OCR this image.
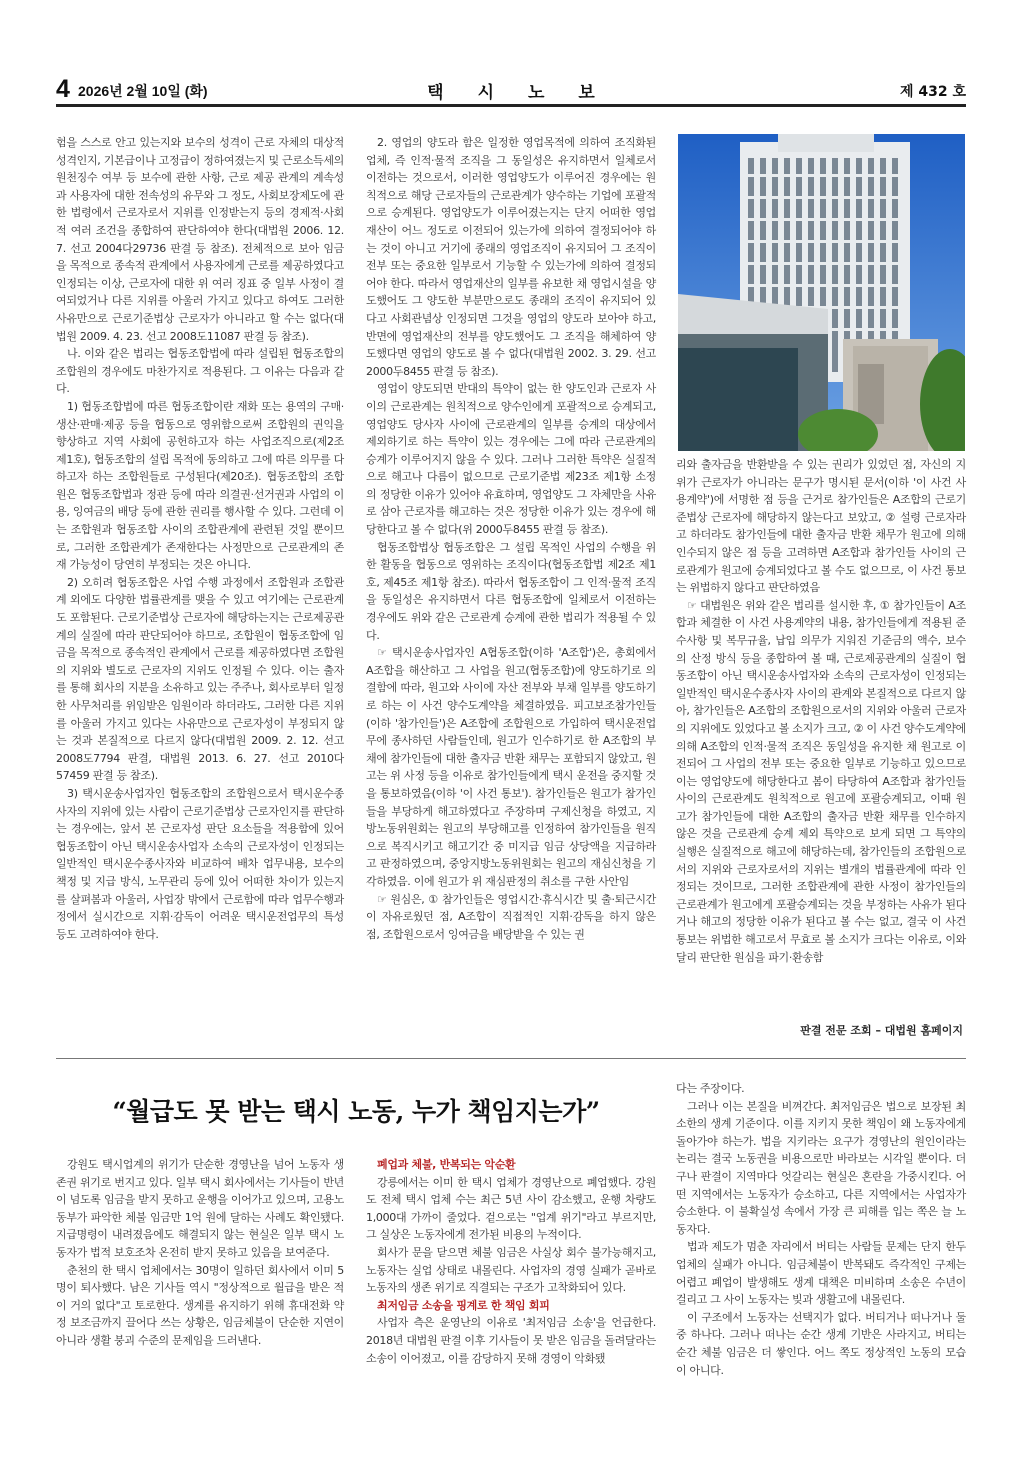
4 2026년 2월 10일 (화)	택시노보	제 432 호

험을 스스로 안고 있는지와 보수의 성격이 근로 자체의 대상적 성격인지, 기본급이나 고정급이 정하여졌는지 및 근로소득세의 원천징수 여부 등 보수에 관한 사항, 근로 제공 관계의 계속성과 사용자에 대한 전속성의 유무와 그 정도, 사회보장제도에 관한 법령에서 근로자로서 지위를 인정받는지 등의 경제적·사회적 여러 조건을 종합하여 판단하여야 한다(대법원 2006. 12. 7. 선고 2004다29736 판결 등 참조). 전체적으로 보아 임금을 목적으로 종속적 관계에서 사용자에게 근로를 제공하였다고 인정되는 이상, 근로자에 대한 위 여러 징표 중 일부 사정이 결여되었거나 다른 지위를 아울러 가지고 있다고 하여도 그러한 사유만으로 근로기준법상 근로자가 아니라고 할 수는 없다(대법원 2009. 4. 23. 선고 2008도11087 판결 등 참조).

나. 이와 같은 법리는 협동조합법에 따라 설립된 협동조합의 조합원의 경우에도 마찬가지로 적용된다. 그 이유는 다음과 같다.

1) 협동조합법에 따른 협동조합이란 재화 또는 용역의 구매·생산·판매·제공 등을 협동으로 영위함으로써 조합원의 권익을 향상하고 지역 사회에 공헌하고자 하는 사업조직으로(제2조 제1호), 협동조합의 설립 목적에 동의하고 그에 따른 의무를 다하고자 하는 조합원들로 구성된다(제20조). 협동조합의 조합원은 협동조합법과 정관 등에 따라 의결권·선거권과 사업의 이용, 잉여금의 배당 등에 관한 권리를 행사할 수 있다. 그런데 이는 조합원과 협동조합 사이의 조합관계에 관련된 것일 뿐이므로, 그러한 조합관계가 존재한다는 사정만으로 근로관계의 존재 가능성이 당연히 부정되는 것은 아니다.

2) 오히려 협동조합은 사업 수행 과정에서 조합원과 조합관계 외에도 다양한 법률관계를 맺을 수 있고 여기에는 근로관계도 포함된다. 근로기준법상 근로자에 해당하는지는 근로제공관계의 실질에 따라 판단되어야 하므로, 조합원이 협동조합에 임금을 목적으로 종속적인 관계에서 근로를 제공하였다면 조합원의 지위와 별도로 근로자의 지위도 인정될 수 있다. 이는 출자를 통해 회사의 지분을 소유하고 있는 주주나, 회사로부터 일정한 사무처리를 위임받은 임원이라 하더라도, 그러한 다른 지위를 아울러 가지고 있다는 사유만으로 근로자성이 부정되지 않는 것과 본질적으로 다르지 않다(대법원 2009. 2. 12. 선고 2008도7794 판결, 대법원 2013. 6. 27. 선고 2010다57459 판결 등 참조).

3) 택시운송사업자인 협동조합의 조합원으로서 택시운수종사자의 지위에 있는 사람이 근로기준법상 근로자인지를 판단하는 경우에는, 앞서 본 근로자성 판단 요소들을 적용함에 있어 협동조합이 아닌 택시운송사업자 소속의 근로자성이 인정되는 일반적인 택시운수종사자와 비교하여 배차 업무내용, 보수의 책정 및 지급 방식, 노무관리 등에 있어 어떠한 차이가 있는지를 살펴봄과 아울러, 사업장 밖에서 근로함에 따라 업무수행과정에서 실시간으로 지휘·감독이 어려운 택시운전업무의 특성 등도 고려하여야 한다.

2. 영업의 양도라 함은 일정한 영업목적에 의하여 조직화된 업체, 즉 인적·물적 조직을 그 동일성은 유지하면서 일체로서 이전하는 것으로서, 이러한 영업양도가 이루어진 경우에는 원칙적으로 해당 근로자들의 근로관계가 양수하는 기업에 포괄적으로 승계된다. 영업양도가 이루어졌는지는 단지 어떠한 영업재산이 어느 정도로 이전되어 있는가에 의하여 결정되어야 하는 것이 아니고 거기에 종래의 영업조직이 유지되어 그 조직이 전부 또는 중요한 일부로서 기능할 수 있는가에 의하여 결정되어야 한다. 따라서 영업재산의 일부를 유보한 채 영업시설을 양도했어도 그 양도한 부분만으로도 종래의 조직이 유지되어 있다고 사회관념상 인정되면 그것을 영업의 양도라 보아야 하고, 반면에 영업재산의 전부를 양도했어도 그 조직을 해체하여 양도했다면 영업의 양도로 볼 수 없다(대법원 2002. 3. 29. 선고 2000두8455 판결 등 참조).

영업이 양도되면 반대의 특약이 없는 한 양도인과 근로자 사이의 근로관계는 원칙적으로 양수인에게 포괄적으로 승계되고, 영업양도 당사자 사이에 근로관계의 일부를 승계의 대상에서 제외하기로 하는 특약이 있는 경우에는 그에 따라 근로관계의 승계가 이루어지지 않을 수 있다. 그러나 그러한 특약은 실질적으로 해고나 다름이 없으므로 근로기준법 제23조 제1항 소정의 정당한 이유가 있어야 유효하며, 영업양도 그 자체만을 사유로 삼아 근로자를 해고하는 것은 정당한 이유가 있는 경우에 해당한다고 볼 수 없다(위 2000두8455 판결 등 참조).

협동조합법상 협동조합은 그 설립 목적인 사업의 수행을 위한 활동을 협동으로 영위하는 조직이다(협동조합법 제2조 제1호, 제45조 제1항 참조). 따라서 협동조합이 그 인적·물적 조직을 동일성은 유지하면서 다른 협동조합에 일체로서 이전하는 경우에도 위와 같은 근로관계 승계에 관한 법리가 적용될 수 있다.

☞ 택시운송사업자인 A협동조합(이하 'A조합')은, 총회에서 A조합을 해산하고 그 사업을 원고(협동조합)에 양도하기로 의결함에 따라, 원고와 사이에 자산 전부와 부채 일부를 양도하기로 하는 이 사건 양수도계약을 체결하였음. 피고보조참가인들(이하 '참가인들')은 A조합에 조합원으로 가입하여 택시운전업무에 종사하던 사람들인데, 원고가 인수하기로 한 A조합의 부채에 참가인들에 대한 출자금 반환 채무는 포함되지 않았고, 원고는 위 사정 등을 이유로 참가인들에게 택시 운전을 중지할 것을 통보하였음(이하 '이 사건 통보'). 참가인들은 원고가 참가인들을 부당하게 해고하였다고 주장하며 구제신청을 하였고, 지방노동위원회는 원고의 부당해고를 인정하여 참가인들을 원직으로 복직시키고 해고기간 중 미지급 임금 상당액을 지급하라고 판정하였으며, 중앙지방노동위원회는 원고의 재심신청을 기각하였음. 이에 원고가 위 재심판정의 취소를 구한 사안임

☞ 원심은, ① 참가인들은 영업시간·휴식시간 및 출·퇴근시간이 자유로웠던 점, A조합이 직접적인 지휘·감독을 하지 않은 점, 조합원으로서 잉여금을 배당받을 수 있는 권

리와 출자금을 반환받을 수 있는 권리가 있었던 점, 자신의 지위가 근로자가 아니라는 문구가 명시된 문서(이하 '이 사건 사용계약')에 서명한 점 등을 근거로 참가인들은 A조합의 근로기준법상 근로자에 해당하지 않는다고 보았고, ② 설령 근로자라고 하더라도 참가인들에 대한 출자금 반환 채무가 원고에 의해 인수되지 않은 점 등을 고려하면 A조합과 참가인들 사이의 근로관계가 원고에 승계되었다고 볼 수도 없으므로, 이 사건 통보는 위법하지 않다고 판단하였음

☞ 대법원은 위와 같은 법리를 설시한 후, ① 참가인들이 A조합과 체결한 이 사건 사용계약의 내용, 참가인들에게 적용된 준수사항 및 복무규율, 납입 의무가 지워진 기준금의 액수, 보수의 산정 방식 등을 종합하여 볼 때, 근로제공관계의 실질이 협동조합이 아닌 택시운송사업자와 소속의 근로자성이 인정되는 일반적인 택시운수종사자 사이의 관계와 본질적으로 다르지 않아, 참가인들은 A조합의 조합원으로서의 지위와 아울러 근로자의 지위에도 있었다고 볼 소지가 크고, ② 이 사건 양수도계약에 의해 A조합의 인적·물적 조직은 동일성을 유지한 채 원고로 이전되어 그 사업의 전부 또는 중요한 일부로 기능하고 있으므로 이는 영업양도에 해당한다고 봄이 타당하여 A조합과 참가인들 사이의 근로관계도 원칙적으로 원고에 포괄승계되고, 이때 원고가 참가인들에 대한 A조합의 출자금 반환 채무를 인수하지 않은 것을 근로관계 승계 제외 특약으로 보게 되면 그 특약의 실행은 실질적으로 해고에 해당하는데, 참가인들의 조합원으로서의 지위와 근로자로서의 지위는 별개의 법률관계에 따라 인정되는 것이므로, 그러한 조합관계에 관한 사정이 참가인들의 근로관계가 원고에게 포괄승계되는 것을 부정하는 사유가 된다거나 해고의 정당한 이유가 된다고 볼 수는 없고, 결국 이 사건 통보는 위법한 해고로서 무효로 볼 소지가 크다는 이유로, 이와 달리 판단한 원심을 파기·환송함

판결 전문 조회 – 대법원 홈페이지
“월급도 못 받는 택시 노동, 누가 책임지는가”

강원도 택시업계의 위기가 단순한 경영난을 넘어 노동자 생존권 위기로 번지고 있다. 일부 택시 회사에서는 기사들이 반년이 넘도록 임금을 받지 못하고 운행을 이어가고 있으며, 고용노동부가 파악한 체불 임금만 1억 원에 달하는 사례도 확인됐다. 지급명령이 내려졌음에도 해결되지 않는 현실은 일부 택시 노동자가 법적 보호조차 온전히 받지 못하고 있음을 보여준다.

춘천의 한 택시 업체에서는 30명이 일하던 회사에서 이미 5명이 퇴사했다. 남은 기사들 역시 "정상적으로 월급을 받은 적이 거의 없다"고 토로한다. 생계를 유지하기 위해 휴대전화 약정 보조금까지 끌어다 쓰는 상황은, 임금체불이 단순한 지연이 아니라 생활 붕괴 수준의 문제임을 드러낸다.

폐업과 체불, 반복되는 악순환

강릉에서는 이미 한 택시 업체가 경영난으로 폐업했다. 강원도 전체 택시 업체 수는 최근 5년 사이 감소했고, 운행 차량도 1,000대 가까이 줄었다. 겉으로는 "업계 위기"라고 부르지만, 그 실상은 노동자에게 전가된 비용의 누적이다.

회사가 문을 닫으면 체불 임금은 사실상 회수 불가능해지고, 노동자는 실업 상태로 내몰린다. 사업자의 경영 실패가 곧바로 노동자의 생존 위기로 직결되는 구조가 고착화되어 있다.

최저임금 소송을 핑계로 한 책임 회피

사업자 측은 운영난의 이유로 '최저임금 소송'을 언급한다. 2018년 대법원 판결 이후 기사들이 못 받은 임금을 돌려달라는 소송이 이어졌고, 이를 감당하지 못해 경영이 악화됐

다는 주장이다.

그러나 이는 본질을 비껴간다. 최저임금은 법으로 보장된 최소한의 생계 기준이다. 이를 지키지 못한 책임이 왜 노동자에게 돌아가야 하는가. 법을 지키라는 요구가 경영난의 원인이라는 논리는 결국 노동권을 비용으로만 바라보는 시각일 뿐이다. 더구나 판결이 지역마다 엇갈리는 현실은 혼란을 가중시킨다. 어떤 지역에서는 노동자가 승소하고, 다른 지역에서는 사업자가 승소한다. 이 불확실성 속에서 가장 큰 피해를 입는 쪽은 늘 노동자다.

법과 제도가 멈춘 자리에서 버티는 사람들 문제는 단지 한두 업체의 실패가 아니다. 임금체불이 반복돼도 즉각적인 구제는 어렵고 폐업이 발생해도 생계 대책은 미비하며 소송은 수년이 걸리고 그 사이 노동자는 빚과 생활고에 내몰린다.

이 구조에서 노동자는 선택지가 없다. 버티거나 떠나거나 둘 중 하나다. 그러나 떠나는 순간 생계 기반은 사라지고, 버티는 순간 체불 임금은 더 쌓인다. 어느 쪽도 정상적인 노동의 모습이 아니다.
